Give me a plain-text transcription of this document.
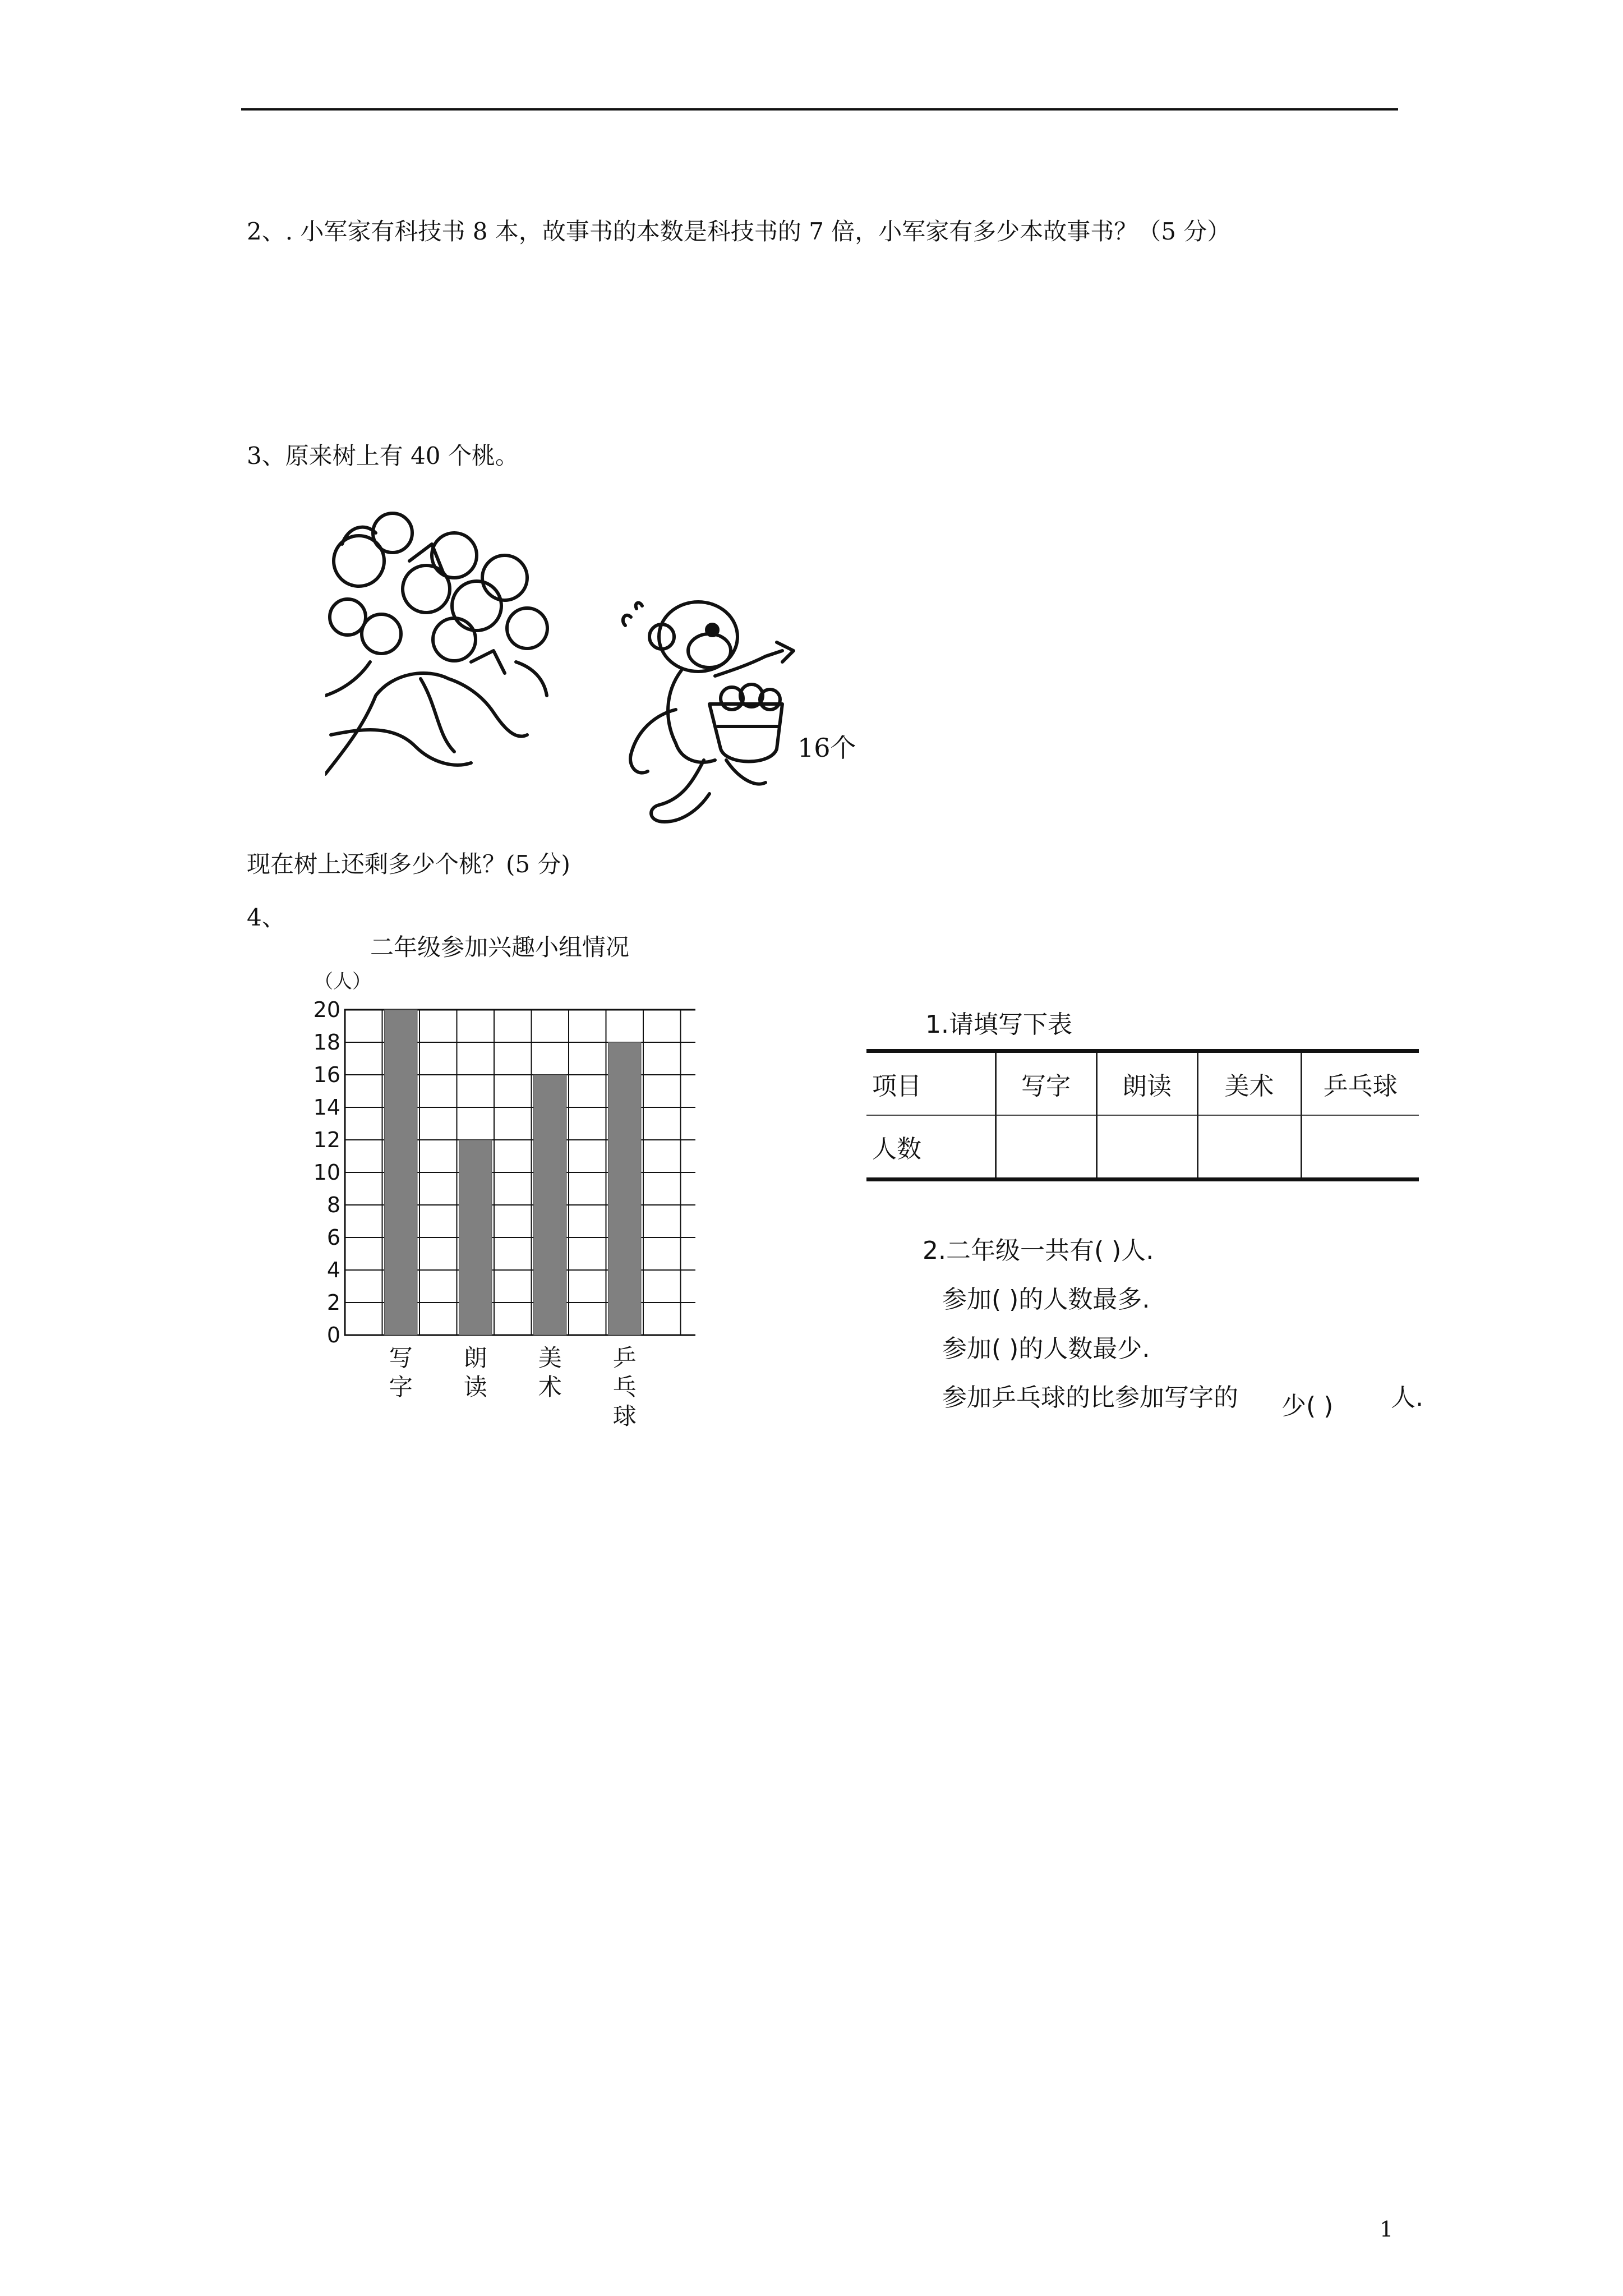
2、. 小军家有科技书 8 本，故事书的本数是科技书的 7 倍，小军家有多少本故事书？（5 分）
3、原来树上有 40 个桃。
16个
现在树上还剩多少个桃？(5 分)
4、
二年级参加兴趣小组情况
（人）
0
2
4
6
8
10
12
14
16
18
20
写字
朗读
美术
乒乓球
1.请填写下表
项目	写字	朗读	美术	乒乓球
人数				
2.二年级一共有( )人.
参加( )的人数最多.
参加( )的人数最少.
参加乒乓球的比参加写字的 少( ) 人.
1
